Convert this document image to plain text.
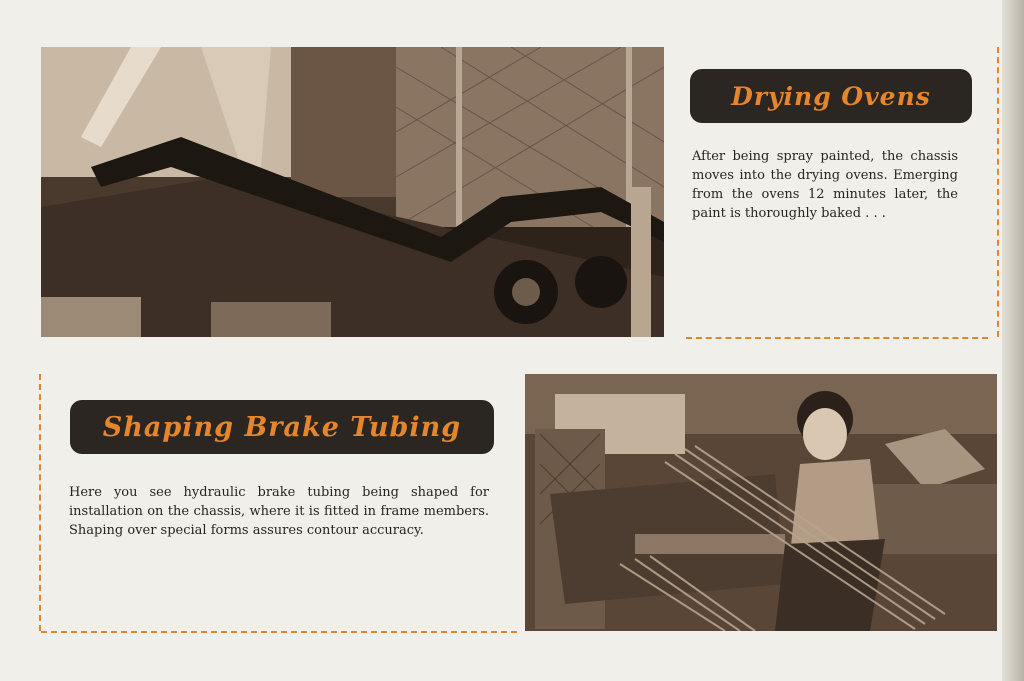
Drying Ovens
After being spray painted, the chassis moves into the drying ovens. Emerging from the ovens 12 minutes later, the paint is thoroughly baked . . .
Shaping Brake Tubing
Here you see hydraulic brake tubing being shaped for installation on the chassis, where it is fitted in frame members. Shaping over special forms assures contour accuracy.
